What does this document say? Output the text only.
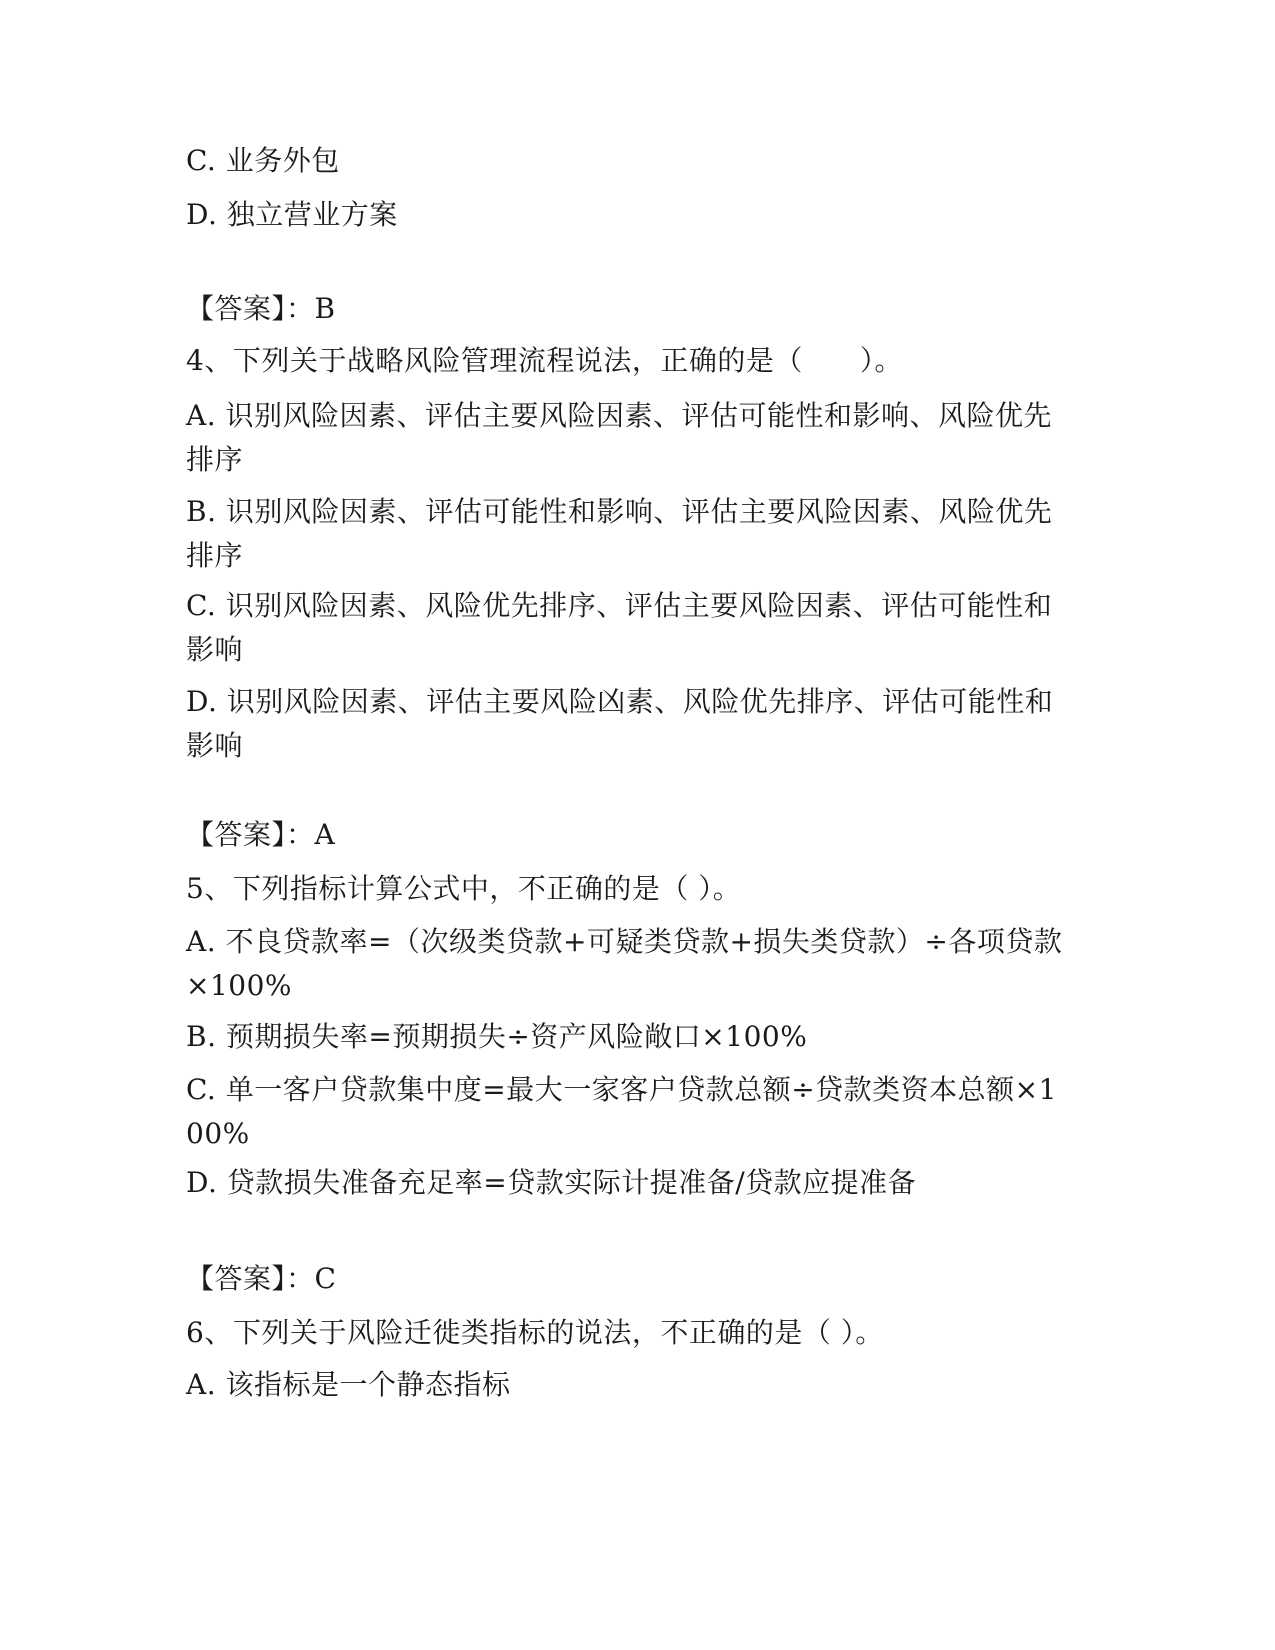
C. 业务外包
D. 独立营业方案
【答案】：B
4、下列关于战略风险管理流程说法，正确的是（　　）。
A. 识别风险因素、评估主要风险因素、评估可能性和影响、风险优先排序
B. 识别风险因素、评估可能性和影响、评估主要风险因素、风险优先排序
C. 识别风险因素、风险优先排序、评估主要风险因素、评估可能性和影响
D. 识别风险因素、评估主要风险凶素、风险优先排序、评估可能性和影响
【答案】：A
5、下列指标计算公式中，不正确的是（ ）。
A. 不良贷款率=（次级类贷款+可疑类贷款+损失类贷款）÷各项贷款×100%
B. 预期损失率=预期损失÷资产风险敞口×100%
C. 单一客户贷款集中度=最大一家客户贷款总额÷贷款类资本总额×100%
D. 贷款损失准备充足率=贷款实际计提准备/贷款应提准备
【答案】：C
6、下列关于风险迁徙类指标的说法，不正确的是（ ）。
A. 该指标是一个静态指标
